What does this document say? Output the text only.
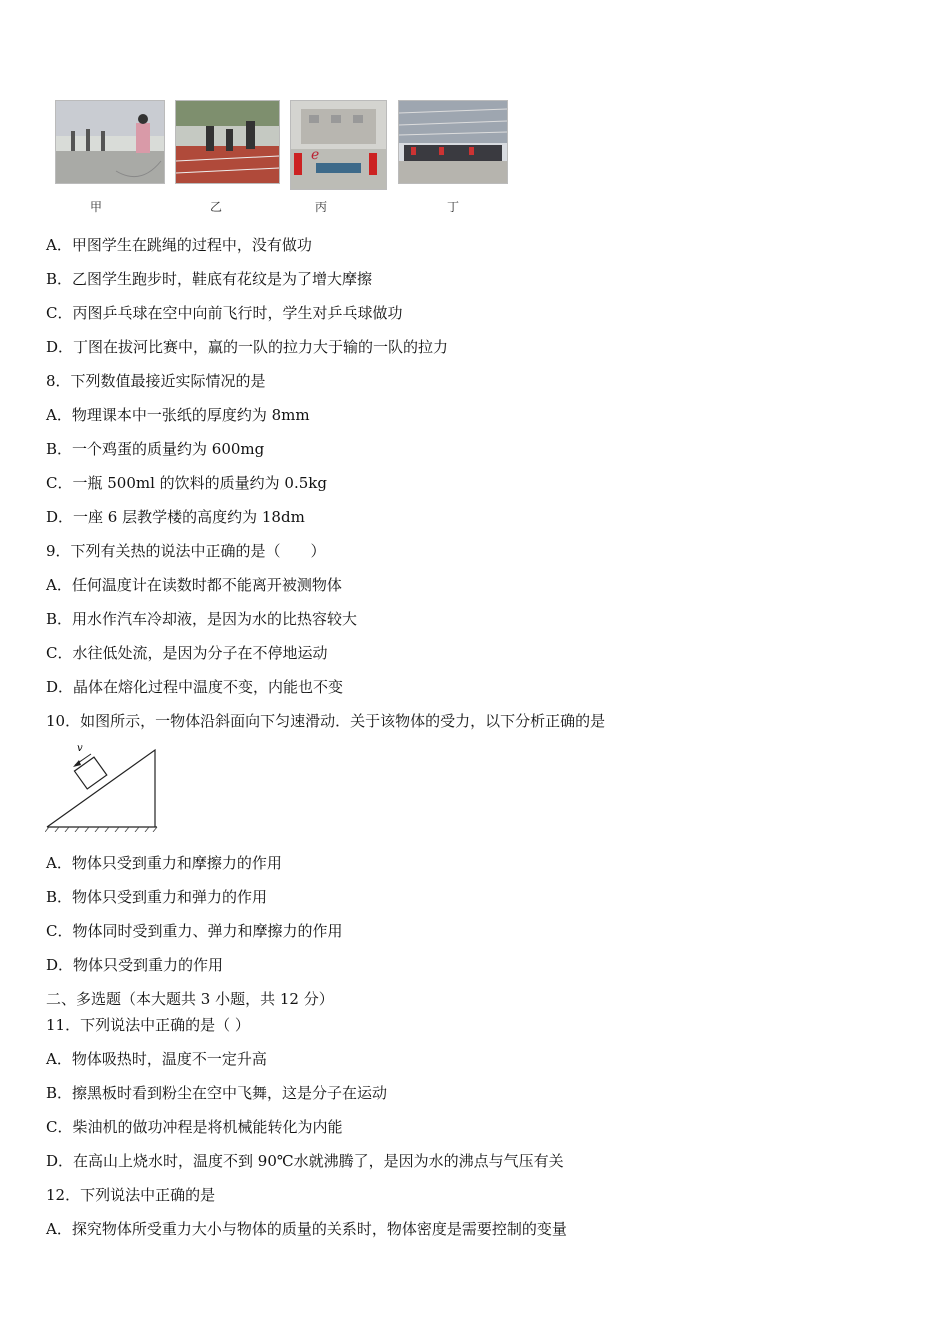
ℯ
甲	乙	丙	丁
A．甲图学生在跳绳的过程中，没有做功
B．乙图学生跑步时，鞋底有花纹是为了增大摩擦
C．丙图乒乓球在空中向前飞行时，学生对乒乓球做功
D．丁图在拔河比赛中，赢的一队的拉力大于输的一队的拉力
8．下列数值最接近实际情况的是
A．物理课本中一张纸的厚度约为 8mm
B．一个鸡蛋的质量约为 600mg
C．一瓶 500ml 的饮料的质量约为 0.5kg
D．一座 6 层教学楼的高度约为 18dm
9．下列有关热的说法中正确的是（　　）
A．任何温度计在读数时都不能离开被测物体
B．用水作汽车冷却液，是因为水的比热容较大
C．水往低处流，是因为分子在不停地运动
D．晶体在熔化过程中温度不变，内能也不变
10．如图所示，一物体沿斜面向下匀速滑动．关于该物体的受力，以下分析正确的是
v
A．物体只受到重力和摩擦力的作用
B．物体只受到重力和弹力的作用
C．物体同时受到重力、弹力和摩擦力的作用
D．物体只受到重力的作用
二、多选题（本大题共 3 小题，共 12 分）
11．下列说法中正确的是（ ）
A．物体吸热时，温度不一定升高
B．擦黑板时看到粉尘在空中飞舞，这是分子在运动
C．柴油机的做功冲程是将机械能转化为内能
D．在高山上烧水时，温度不到 90℃水就沸腾了，是因为水的沸点与气压有关
12．下列说法中正确的是
A．探究物体所受重力大小与物体的质量的关系时，物体密度是需要控制的变量
